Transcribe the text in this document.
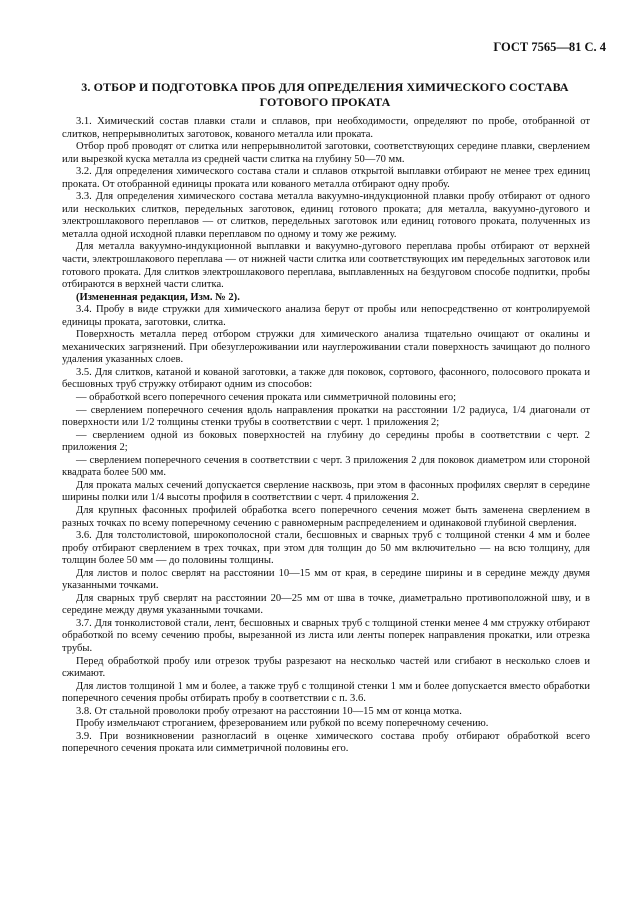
ГОСТ 7565—81 С. 4
3. ОТБОР И ПОДГОТОВКА ПРОБ ДЛЯ ОПРЕДЕЛЕНИЯ ХИМИЧЕСКОГО СОСТАВА ГОТОВОГО ПРОКАТА

3.1. Химический состав плавки стали и сплавов, при необходимости, определяют по пробе, отобранной от слитков, непрерывнолитых заготовок, кованого металла или проката.

Отбор проб проводят от слитка или непрерывнолитой заготовки, соответствующих середине плавки, сверлением или вырезкой куска металла из средней части слитка на глубину 50—70 мм.

3.2. Для определения химического состава стали и сплавов открытой выплавки отбирают не менее трех единиц проката. От отобранной единицы проката или кованого металла отбирают одну пробу.

3.3. Для определения химического состава металла вакуумно-индукционной плавки пробу отбирают от одного или нескольких слитков, передельных заготовок, единиц готового проката; для металла, вакуумно-дугового и электрошлакового переплавов — от слитков, передельных заготовок или единиц готового проката, полученных из металла одной исходной плавки переплавом по одному и тому же режиму.

Для металла вакуумно-индукционной выплавки и вакуумно-дугового переплава пробы отбирают от верхней части, электрошлакового переплава — от нижней части слитка или соответствующих им передельных заготовок или готового проката. Для слитков электрошлакового переплава, выплавленных на бездуговом способе подпитки, пробы отбираются в верхней части слитка.

(Измененная редакция, Изм. № 2).

3.4. Пробу в виде стружки для химического анализа берут от пробы или непосредственно от контролируемой единицы проката, заготовки, слитка.

Поверхность металла перед отбором стружки для химического анализа тщательно очищают от окалины и механических загрязнений. При обезуглероживании или науглероживании стали поверхность зачищают до полного удаления указанных слоев.

3.5. Для слитков, катаной и кованой заготовки, а также для поковок, сортового, фасонного, полосового проката и бесшовных труб стружку отбирают одним из способов:

— обработкой всего поперечного сечения проката или симметричной половины его;

— сверлением поперечного сечения вдоль направления прокатки на расстоянии 1/2 радиуса, 1/4 диагонали от поверхности или 1/2 толщины стенки трубы в соответствии с черт. 1 приложения 2;

— сверлением одной из боковых поверхностей на глубину до середины пробы в соответствии с черт. 2 приложения 2;

— сверлением поперечного сечения в соответствии с черт. 3 приложения 2 для поковок диаметром или стороной квадрата более 500 мм.

Для проката малых сечений допускается сверление насквозь, при этом в фасонных профилях сверлят в середине ширины полки или 1/4 высоты профиля в соответствии с черт. 4 приложения 2.

Для крупных фасонных профилей обработка всего поперечного сечения может быть заменена сверлением в разных точках по всему поперечному сечению с равномерным распределением и одинаковой глубиной сверления.

3.6. Для толстолистовой, широкополосной стали, бесшовных и сварных труб с толщиной стенки 4 мм и более пробу отбирают сверлением в трех точках, при этом для толщин до 50 мм включительно — на всю толщину, для толщин более 50 мм — до половины толщины.

Для листов и полос сверлят на расстоянии 10—15 мм от края, в середине ширины и в середине между двумя указанными точками.

Для сварных труб сверлят на расстоянии 20—25 мм от шва в точке, диаметрально противоположной шву, и в середине между двумя указанными точками.

3.7. Для тонколистовой стали, лент, бесшовных и сварных труб с толщиной стенки менее 4 мм стружку отбирают обработкой по всему сечению пробы, вырезанной из листа или ленты поперек направления прокатки, или отрезка трубы.

Перед обработкой пробу или отрезок трубы разрезают на несколько частей или сгибают в несколько слоев и сжимают.

Для листов толщиной 1 мм и более, а также труб с толщиной стенки 1 мм и более допускается вместо обработки поперечного сечения пробы отбирать пробу в соответствии с п. 3.6.

3.8. От стальной проволоки пробу отрезают на расстоянии 10—15 мм от конца мотка.

Пробу измельчают строганием, фрезерованием или рубкой по всему поперечному сечению.

3.9. При возникновении разногласий в оценке химического состава пробу отбирают обработкой всего поперечного сечения проката или симметричной половины его.
